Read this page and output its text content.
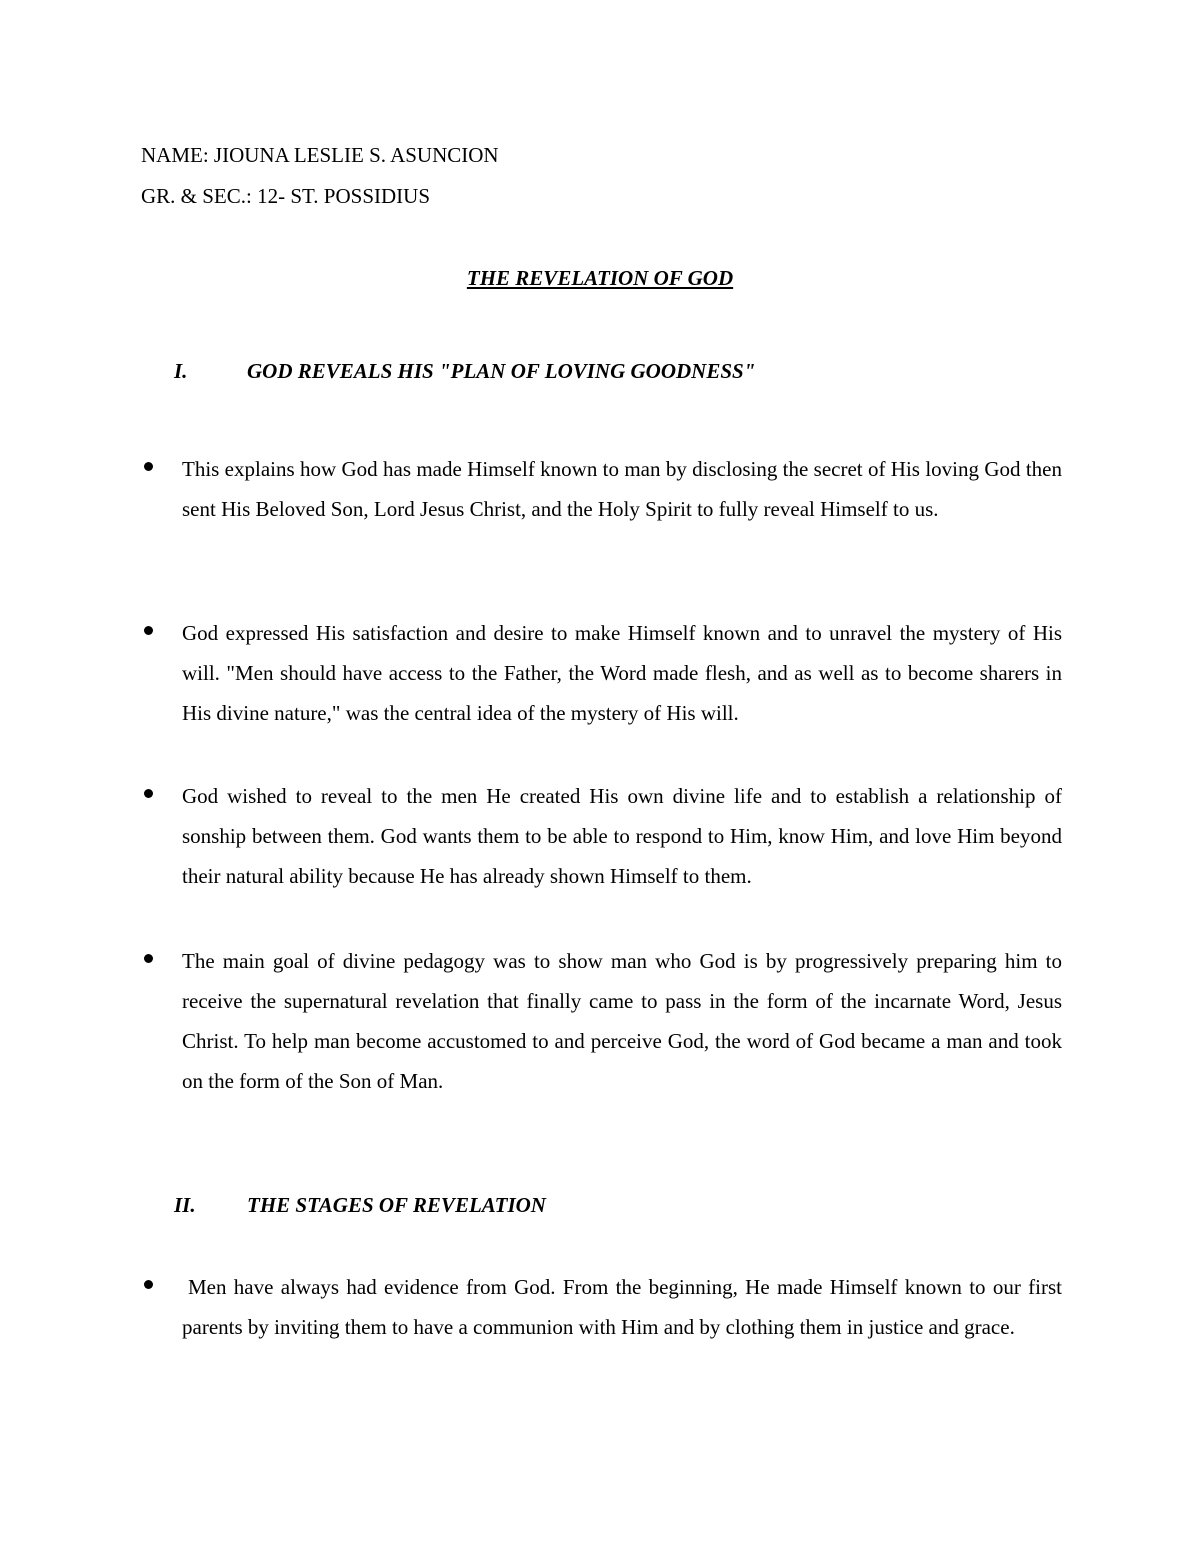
NAME: JIOUNA LESLIE S. ASUNCION
GR. & SEC.: 12- ST. POSSIDIUS
THE REVELATION OF GOD
I.	GOD REVEALS HIS "PLAN OF LOVING GOODNESS"
This explains how God has made Himself known to man by disclosing the secret of His loving God then sent His Beloved Son, Lord Jesus Christ, and the Holy Spirit to fully reveal Himself to us.
God expressed His satisfaction and desire to make Himself known and to unravel the mystery of His will. "Men should have access to the Father, the Word made flesh, and as well as to become sharers in His divine nature," was the central idea of the mystery of His will.
God wished to reveal to the men He created His own divine life and to establish a relationship of sonship between them. God wants them to be able to respond to Him, know Him, and love Him beyond their natural ability because He has already shown Himself to them.
The main goal of divine pedagogy was to show man who God is by progressively preparing him to receive the supernatural revelation that finally came to pass in the form of the incarnate Word, Jesus Christ. To help man become accustomed to and perceive God, the word of God became a man and took on the form of the Son of Man.
II. THE STAGES OF REVELATION
Men have always had evidence from God. From the beginning, He made Himself known to our first parents by inviting them to have a communion with Him and by clothing them in justice and grace.
